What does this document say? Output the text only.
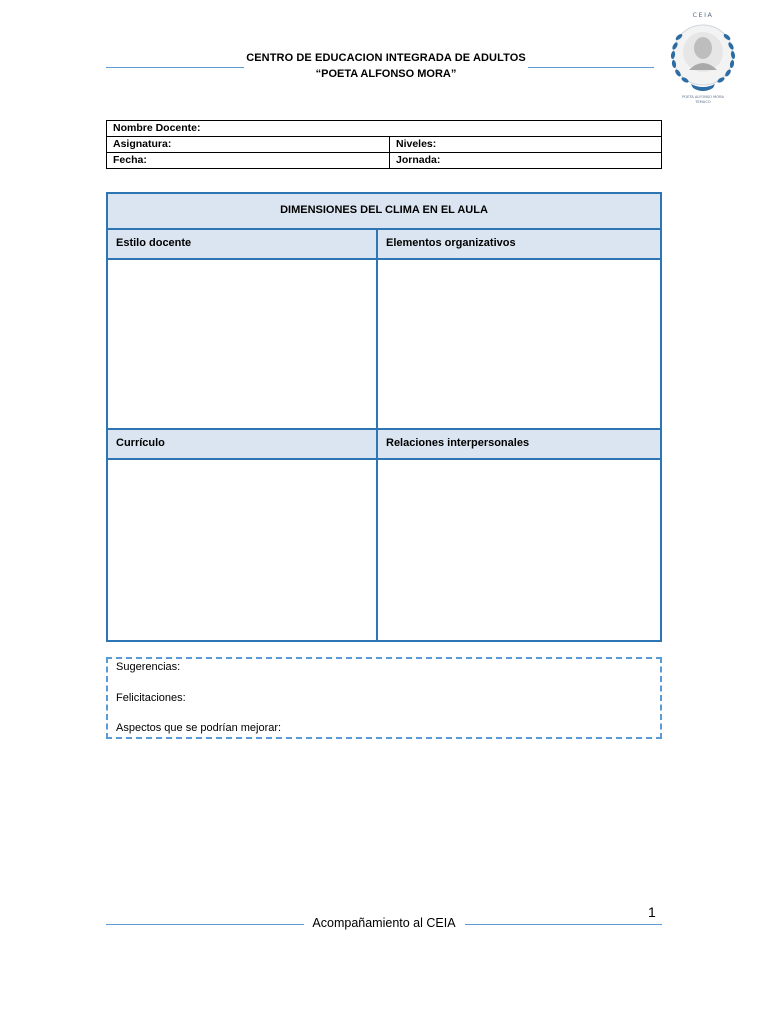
CENTRO DE EDUCACION INTEGRADA DE ADULTOS
“POETA ALFONSO MORA”
CEIA
POETA ALFONSO MORA
TEMUCO
Nombre Docente:	
Asignatura:	Niveles:
Fecha:	Jornada:
DIMENSIONES DEL CLIMA EN EL AULA
Estilo docente	Elementos organizativos
Currículo	Relaciones interpersonales
Sugerencias:
Felicitaciones:
Aspectos que se podrían mejorar:
Acompañamiento al CEIA
1
